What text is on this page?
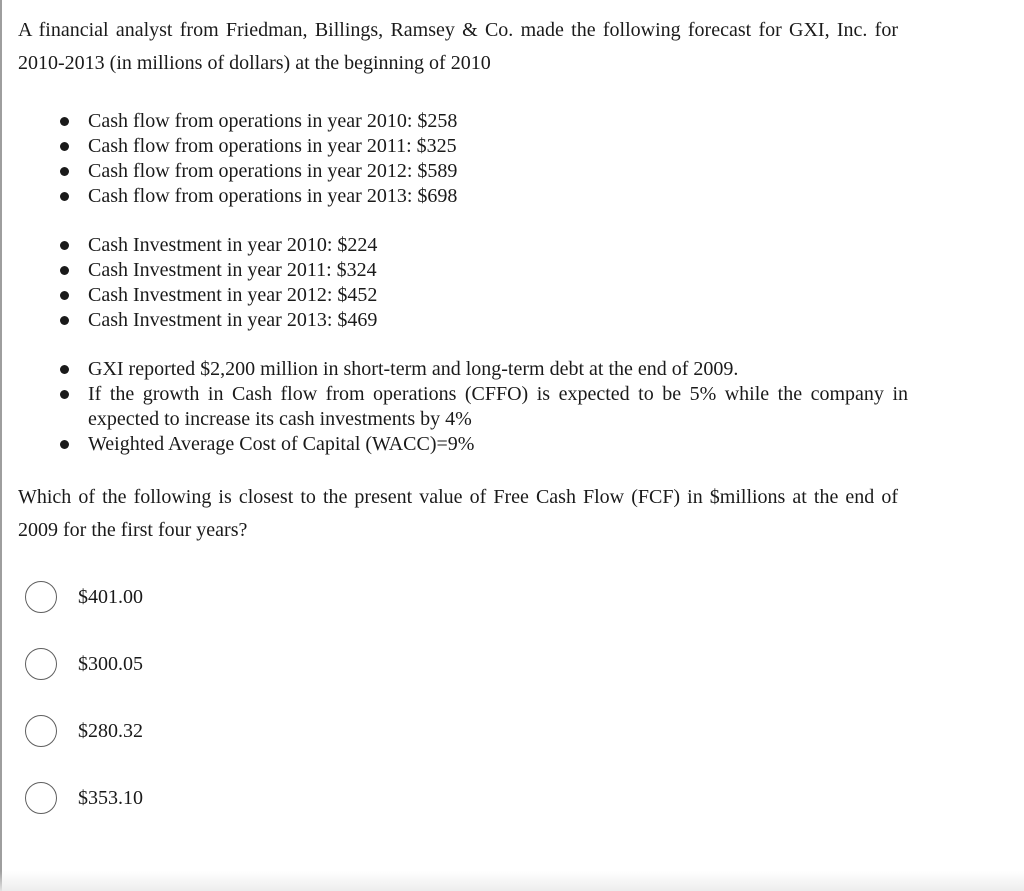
A financial analyst from Friedman, Billings, Ramsey & Co. made the following forecast for GXI, Inc. for 2010-2013 (in millions of dollars) at the beginning of 2010

Cash flow from operations in year 2010: $258
Cash flow from operations in year 2011: $325
Cash flow from operations in year 2012: $589
Cash flow from operations in year 2013: $698
Cash Investment in year 2010: $224
Cash Investment in year 2011: $324
Cash Investment in year 2012: $452
Cash Investment in year 2013: $469
GXI reported $2,200 million in short-term and long-term debt at the end of 2009.
If the growth in Cash flow from operations (CFFO) is expected to be 5% while the company in expected to increase its cash investments by 4%
Weighted Average Cost of Capital (WACC)=9%

Which of the following is closest to the present value of Free Cash Flow (FCF) in $millions at the end of 2009 for the first four years?

$401.00
$300.05
$280.32
$353.10
